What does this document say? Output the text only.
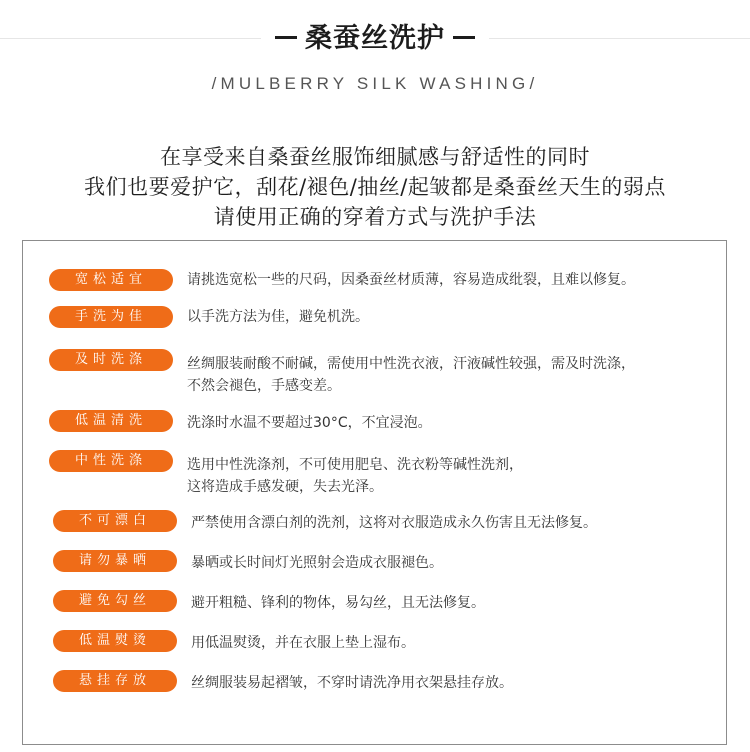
桑蚕丝洗护
/MULBERRY SILK WASHING/
在享受来自桑蚕丝服饰细腻感与舒适性的同时
我们也要爱护它，刮花/褪色/抽丝/起皱都是桑蚕丝天生的弱点
请使用正确的穿着方式与洗护手法
宽松适宜	请挑选宽松一些的尺码，因桑蚕丝材质薄，容易造成纰裂，且难以修复。
手洗为佳	以手洗方法为佳，避免机洗。
及时洗涤	丝绸服装耐酸不耐碱，需使用中性洗衣液，汗液碱性较强，需及时洗涤，
不然会褪色，手感变差。
低温清洗	洗涤时水温不要超过30°C，不宜浸泡。
中性洗涤	选用中性洗涤剂，不可使用肥皂、洗衣粉等碱性洗剂，
这将造成手感发硬，失去光泽。
不可漂白	严禁使用含漂白剂的洗剂，这将对衣服造成永久伤害且无法修复。
请勿暴晒	暴晒或长时间灯光照射会造成衣服褪色。
避免勾丝	避开粗糙、锋利的物体，易勾丝，且无法修复。
低温熨烫	用低温熨烫，并在衣服上垫上湿布。
悬挂存放	丝绸服装易起褶皱，不穿时请洗净用衣架悬挂存放。
